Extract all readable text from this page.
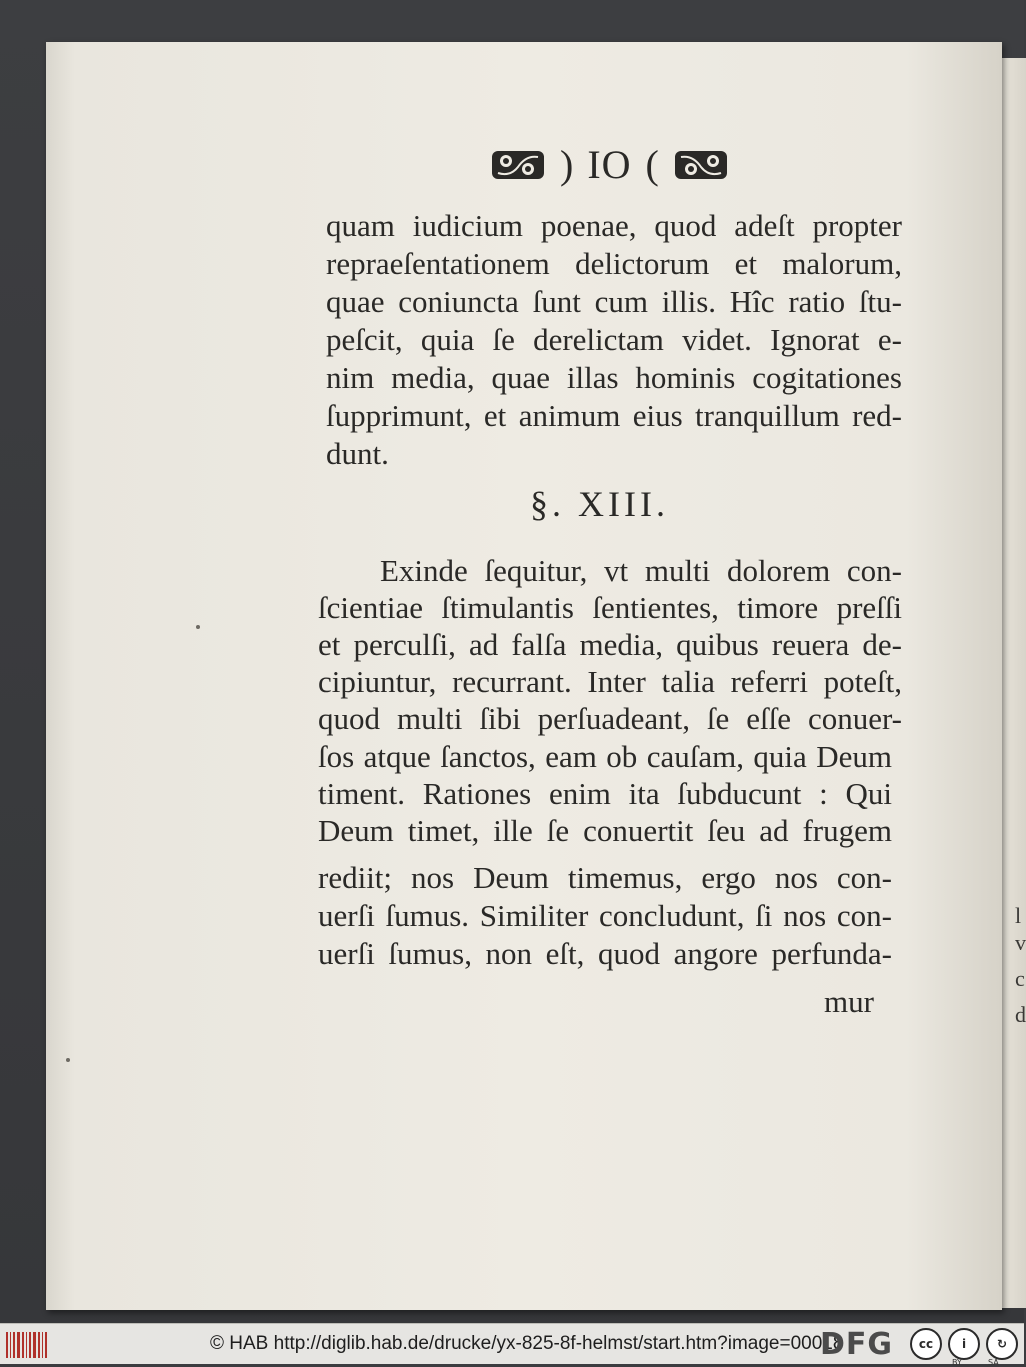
l
v
c
d
) IO (
quam iudicium poenae, quod adeſt propter
repraeſentationem delictorum et malorum,
quae coniuncta ſunt cum illis. Hîc ratio ſtu-
peſcit, quia ſe derelictam videt. Ignorat e-
nim media, quae illas hominis cogitationes
ſupprimunt, et animum eius tranquillum red-
dunt.
§. XIII.
Exinde ſequitur, vt multi dolorem con-
ſcientiae ſtimulantis ſentientes, timore preſſi
et perculſi, ad falſa media, quibus reuera de-
cipiuntur, recurrant. Inter talia referri poteſt,
quod multi ſibi perſuadeant, ſe eſſe conuer-
ſos atque ſanctos, eam ob cauſam, quia Deum
timent. Rationes enim ita ſubducunt : Qui
Deum timet, ille ſe conuertit ſeu ad frugem
rediit; nos Deum timemus, ergo nos con-
uerſi ſumus. Similiter concludunt, ſi nos con-
uerſi ſumus, non eſt, quod angore perfunda-
mur
© HAB http://diglib.hab.de/drucke/yx-825-8f-helmst/start.htm?image=00018
DFG	cc	i	↻
BY	SA
